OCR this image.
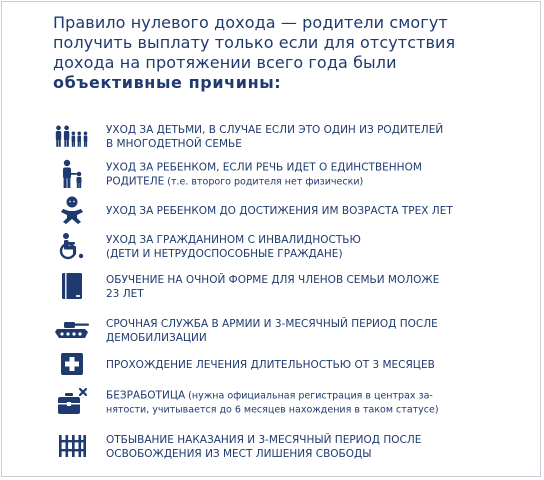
Правило нулевого дохода — родители смогут
получить выплату только если для отсутствия
дохода на протяжении всего года были
объективные причины:
УХОД ЗА ДЕТЬМИ, В СЛУЧАЕ ЕСЛИ ЭТО ОДИН ИЗ РОДИТЕЛЕЙ
В МНОГОДЕТНОЙ СЕМЬЕ
УХОД ЗА РЕБЕНКОМ, ЕСЛИ РЕЧЬ ИДЕТ О ЕДИНСТВЕННОМ
РОДИТЕЛЕ (т.е. второго родителя нет физически)
УХОД ЗА РЕБЕНКОМ ДО ДОСТИЖЕНИЯ ИМ ВОЗРАСТА ТРЕХ ЛЕТ
УХОД ЗА ГРАЖДАНИНОМ С ИНВАЛИДНОСТЬЮ
(ДЕТИ И НЕТРУДОСПОСОБНЫЕ ГРАЖДАНЕ)
ОБУЧЕНИЕ НА ОЧНОЙ ФОРМЕ ДЛЯ ЧЛЕНОВ СЕМЬИ МОЛОЖЕ
23 ЛЕТ
СРОЧНАЯ СЛУЖБА В АРМИИ И 3-МЕСЯЧНЫЙ ПЕРИОД ПОСЛЕ
ДЕМОБИЛИЗАЦИИ
ПРОХОЖДЕНИЕ ЛЕЧЕНИЯ ДЛИТЕЛЬНОСТЬЮ ОТ 3 МЕСЯЦЕВ
БЕЗРАБОТИЦА (нужна официальная регистрация в центрах за-
нятости, учитывается до 6 месяцев нахождения в таком статусе)
ОТБЫВАНИЕ НАКАЗАНИЯ И 3-МЕСЯЧНЫЙ ПЕРИОД ПОСЛЕ
ОСВОБОЖДЕНИЯ ИЗ МЕСТ ЛИШЕНИЯ СВОБОДЫ
